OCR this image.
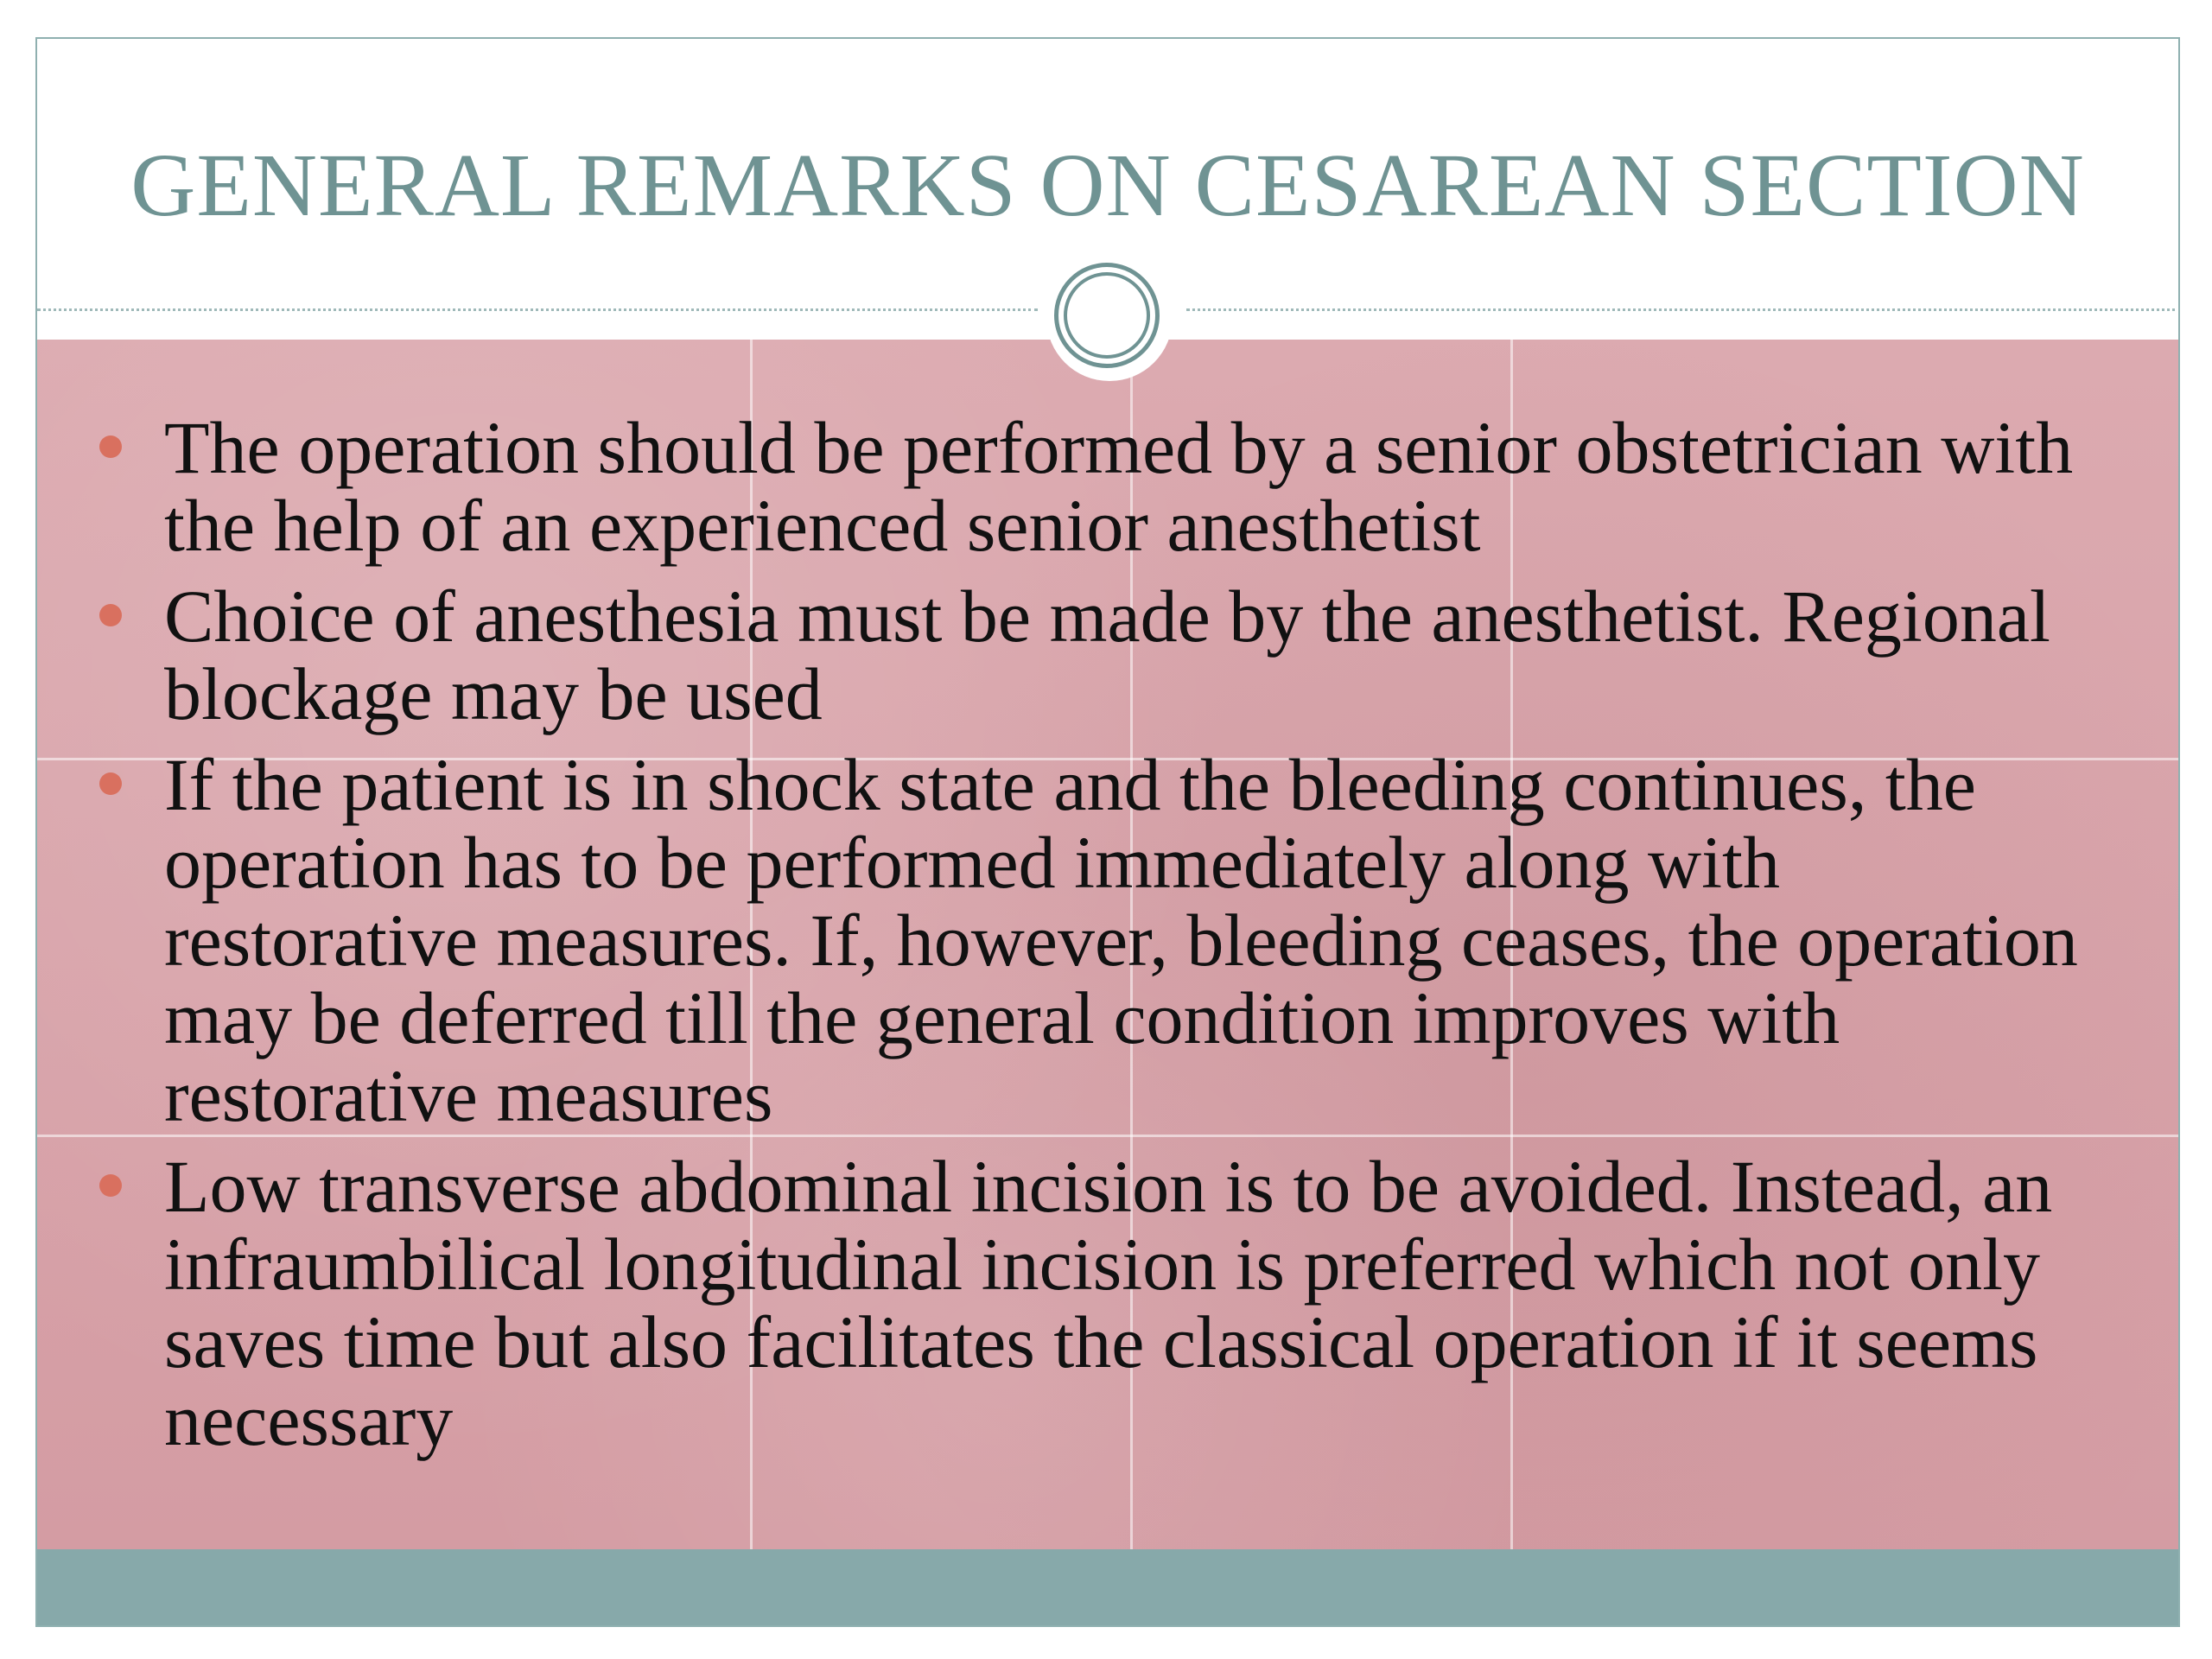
GENERAL REMARKS ON CESAREAN SECTION
The operation should be performed by a senior obstetrician with the help of an experienced senior anesthetist
Choice of anesthesia must be made by the anesthetist. Regional blockage may be used
If the patient is in shock state and the bleeding continues, the operation has to be performed immediately along with restorative measures. If, however, bleeding ceases, the operation may be deferred till the general condition improves with restorative measures
Low transverse abdominal incision is to be avoided. Instead, an infraumbilical longitudinal incision is preferred which not only saves time but also facilitates the classical operation if it seems necessary
